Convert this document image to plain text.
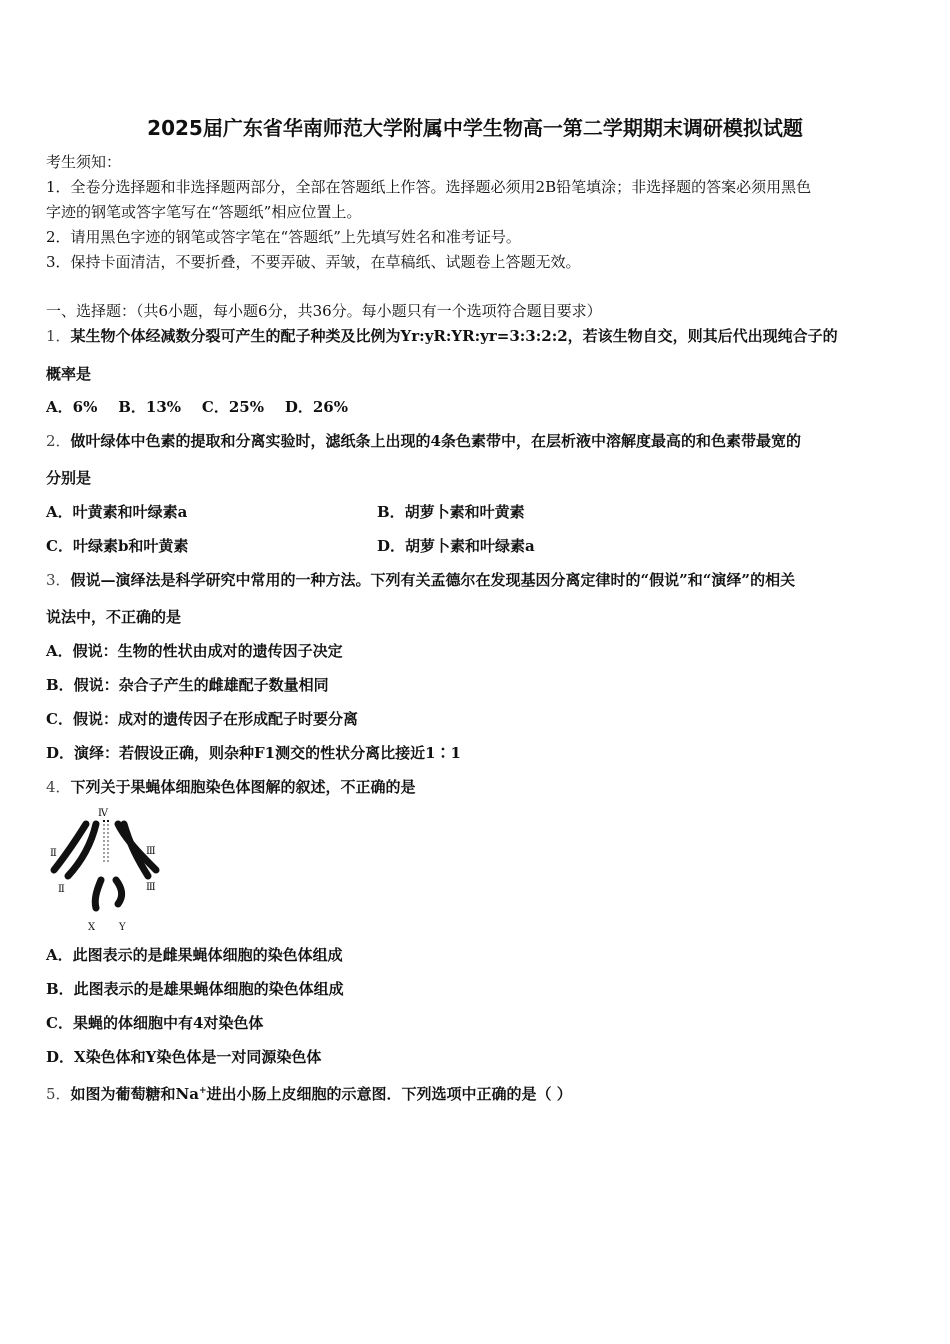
2025届广东省华南师范大学附属中学生物高一第二学期期末调研模拟试题
考生须知：
1．全卷分选择题和非选择题两部分，全部在答题纸上作答。选择题必须用2B铅笔填涂；非选择题的答案必须用黑色
字迹的钢笔或答字笔写在“答题纸”相应位置上。
2．请用黑色字迹的钢笔或答字笔在“答题纸”上先填写姓名和准考证号。
3．保持卡面清洁，不要折叠，不要弄破、弄皱，在草稿纸、试题卷上答题无效。
一、选择题：（共6小题，每小题6分，共36分。每小题只有一个选项符合题目要求）
1．某生物个体经减数分裂可产生的配子种类及比例为Yr:yR:YR:yr=3:3:2:2，若该生物自交，则其后代出现纯合子的
概率是
A．6%    B．13%    C．25%    D．26%
2．做叶绿体中色素的提取和分离实验时，滤纸条上出现的4条色素带中，在层析液中溶解度最高的和色素带最宽的
分别是
A．叶黄素和叶绿素a	B．胡萝卜素和叶黄素
C．叶绿素b和叶黄素	D．胡萝卜素和叶绿素a
3．假说—演绎法是科学研究中常用的一种方法。下列有关孟德尔在发现基因分离定律时的“假说”和“演绎”的相关
说法中，不正确的是
A．假说：生物的性状由成对的遗传因子决定
B．假说：杂合子产生的雌雄配子数量相同
C．假说：成对的遗传因子在形成配子时要分离
D．演绎：若假设正确，则杂种F1测交的性状分离比接近1∶1
4．下列关于果蝇体细胞染色体图解的叙述，不正确的是
Ⅳ
Ⅱ
Ⅱ
Ⅲ
Ⅲ
X Y
A．此图表示的是雌果蝇体细胞的染色体组成
B．此图表示的是雄果蝇体细胞的染色体组成
C．果蝇的体细胞中有4对染色体
D．X染色体和Y染色体是一对同源染色体
5．如图为葡萄糖和Na+进出小肠上皮细胞的示意图．下列选项中正确的是（ ）
